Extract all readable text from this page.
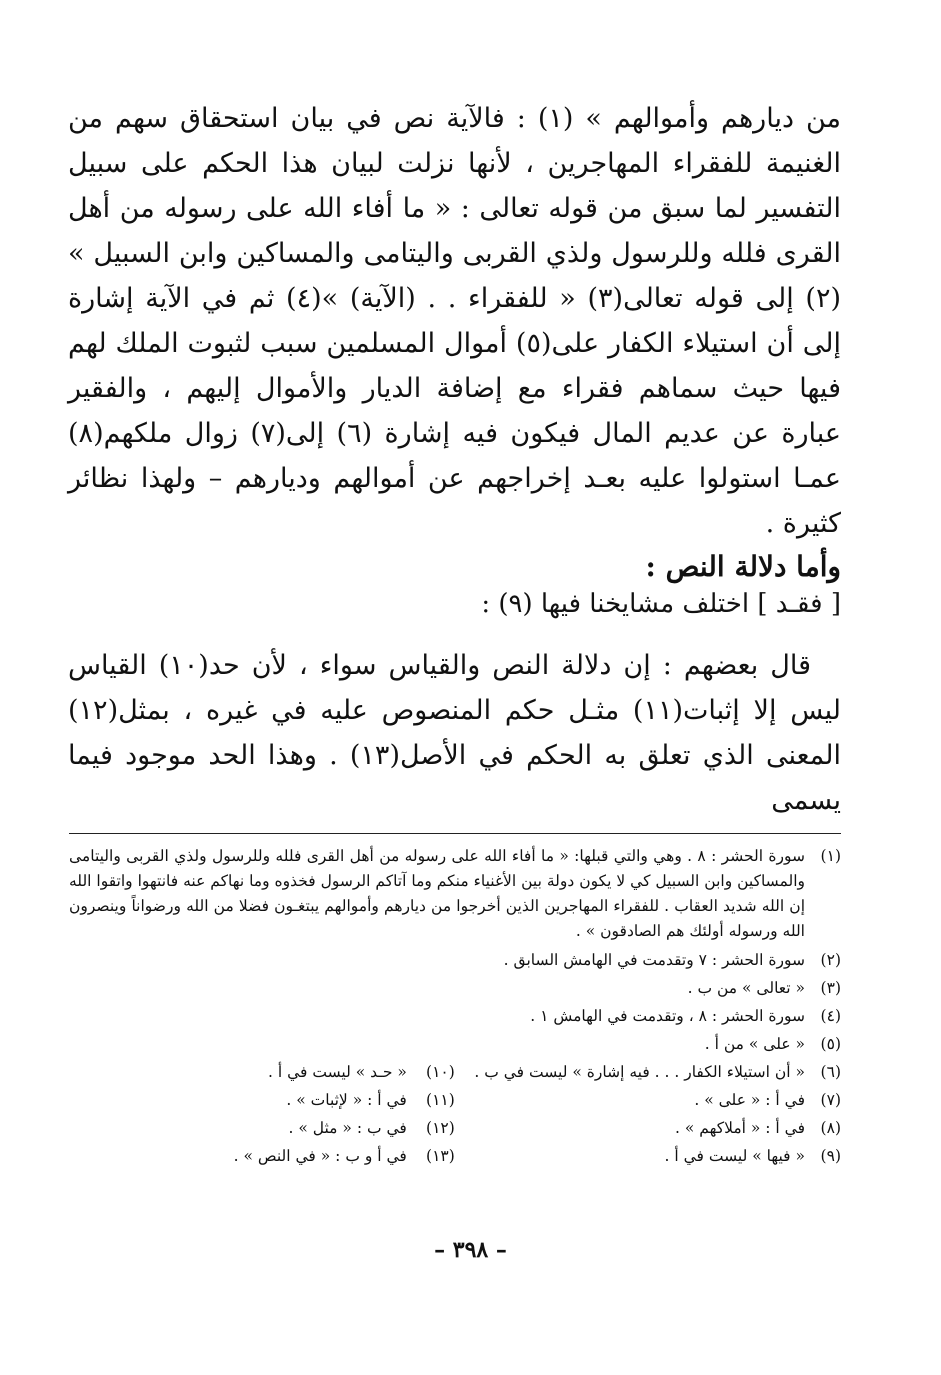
من ديارهم وأموالهم » (١) : فالآية نص في بيان استحقاق سهم من الغنيمة للفقراء المهاجرين ، لأنها نزلت لبيان هذا الحكم على سبيل التفسير لما سبق من قوله تعالى : « ما أفاء الله على رسوله من أهل القرى فلله وللرسول ولذي القربى واليتامى والمساكين وابن السبيل » (٢) إلى قوله تعالى(٣) « للفقراء . . (الآية) »(٤) ثم في الآية إشارة إلى أن استيلاء الكفار على(٥) أموال المسلمين سبب لثبوت الملك لهم فيها حيث سماهم فقراء مع إضافة الديار والأموال إليهم ، والفقير عبارة عن عديم المال فيكون فيه إشارة (٦) إلى(٧) زوال ملكهم(٨) عمـا استولوا عليه بعـد إخراجهم عن أموالهم وديارهم – ولهذا نظائر كثيرة .

وأما دلالة النص :
[ فقـد ] اختلف مشايخنا فيها (٩) :

قال بعضهم : إن دلالة النص والقياس سواء ، لأن حد(١٠) القياس ليس إلا إثبات(١١) مثـل حكم المنصوص عليه في غيره ، بمثل(١٢) المعنى الذي تعلق به الحكم في الأصل(١٣) . وهذا الحد موجود فيما يسمى

(١)
سورة الحشر : ٨ . وهي والتي قبلها: « ما أفاء الله على رسوله من أهل القرى فلله وللرسول ولذي القربى واليتامى والمساكين وابن السبيل كي لا يكون دولة بين الأغنياء منكم وما آتاكم الرسول فخذوه وما نهاكم عنه فانتهوا واتقوا الله إن الله شديد العقاب . للفقراء المهاجرين الذين أخرجوا من ديارهم وأموالهم يبتغـون فضلا من الله ورضواناً وينصرون الله ورسوله أولئك هم الصادقون » .
(٢)
سورة الحشر : ٧ وتقدمت في الهامش السابق .
(٣)
« تعالى » من ب .
(٤)
سورة الحشر : ٨ ، وتقدمت في الهامش ١ .
(٥)
« على » من أ .
(٦)
« أن استيلاء الكفار . . . فيه إشارة » ليست في ب .
(٧)
في أ : « على » .
(٨)
في أ : « أملاكهم » .
(٩)
« فيها » ليست في أ .
(١٠)
« حـد » ليست في أ .
(١١)
في أ : « لإثبات » .
(١٢)
في ب : « مثل » .
(١٣)
في أ و ب : « في النص » .
– ٣٩٨ –
